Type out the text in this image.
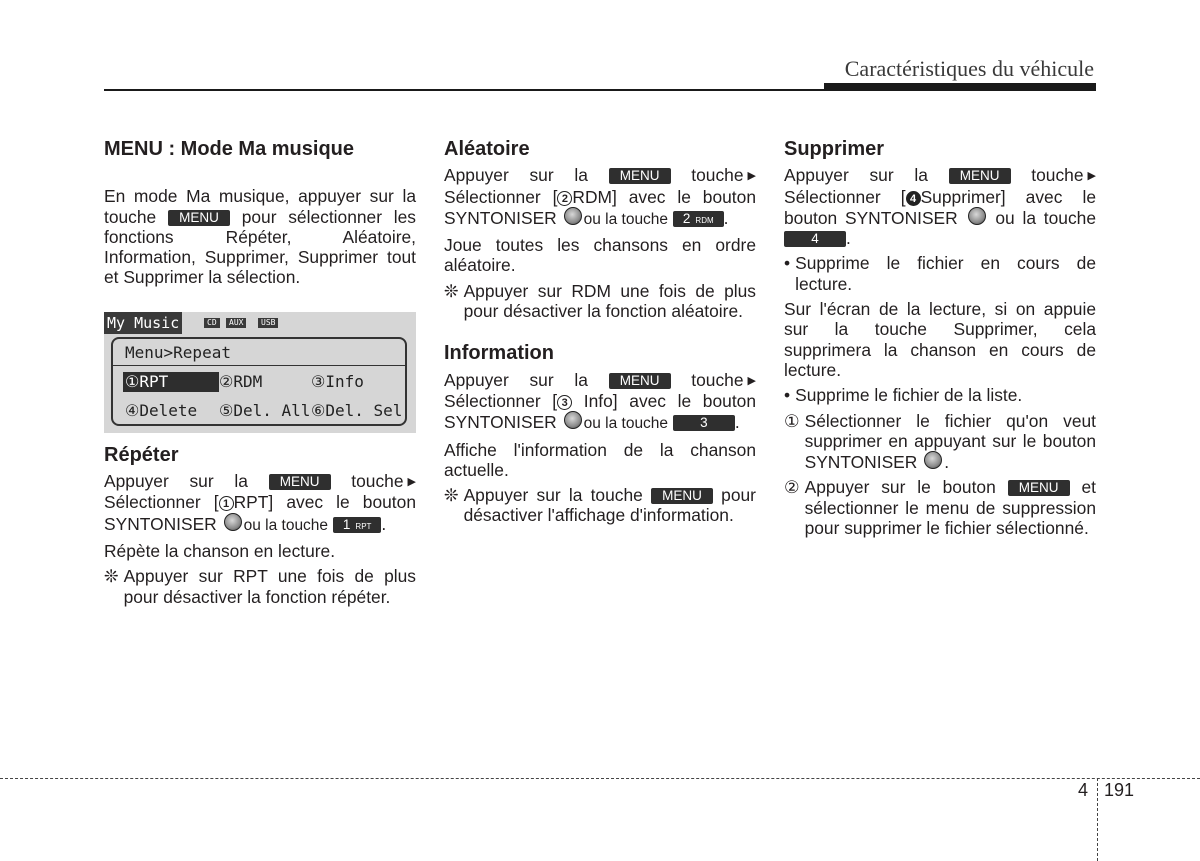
Caractéristiques du véhicule
MENU : Mode Ma musique

En mode Ma musique, appuyer sur la touche MENU pour sélectionner les fonctions Répéter, Aléatoire, Information, Supprimer, Supprimer tout et Supprimer la sélection.

My Music	CD	AUX	USB
Menu>Repeat
①RPT	②RDM	③Info
④Delete ⑤Del. All ⑥Del. Sel
Répéter

Appuyer sur la MENU touche ▶ Sélectionner [ 1 RPT] avec le bouton SYNTONISER ou la touche 1 RPT .

Répète la chanson en lecture.

❊ Appuyer sur RPT une fois de plus pour désactiver la fonction répéter.
Aléatoire

Appuyer sur la MENU touche ▶ Sélectionner [ 2 RDM] avec le bouton SYNTONISER ou la touche 2 RDM .

Joue toutes les chansons en ordre aléatoire.

❊ Appuyer sur RDM une fois de plus pour désactiver la fonction aléatoire.
Information

Appuyer sur la MENU touche ▶ Sélectionner [ 3 Info] avec le bouton SYNTONISER ou la touche 3 .

Affiche l'information de la chanson actuelle.

❊ Appuyer sur la touche MENU pour désactiver l'affichage d'information.
Supprimer

Appuyer sur la MENU touche ▶ Sélectionner [ 4 Supprimer] avec le bouton SYNTONISER ou la touche 4 .

• Supprime le fichier en cours de lecture.

Sur l'écran de la lecture, si on appuie sur la touche Supprimer, cela supprimera la chanson en cours de lecture.

• Supprime le fichier de la liste.
① Sélectionner le fichier qu'on veut supprimer en appuyant sur le bouton SYNTONISER .
② Appuyer sur le bouton MENU et sélectionner le menu de suppression pour supprimer le fichier sélectionné.
4 191
